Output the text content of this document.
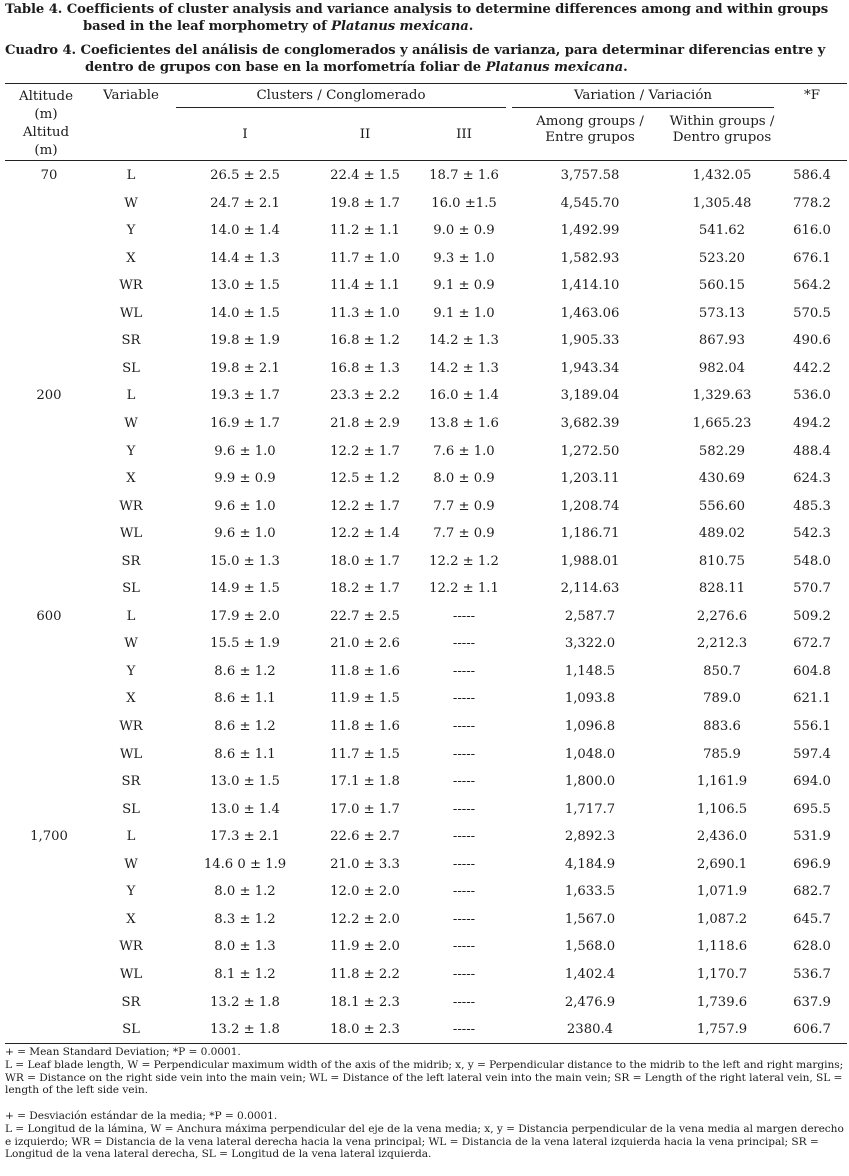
Table 4. Coefficients of cluster analysis and variance analysis to determine differences among and within groups
based in the leaf morphometry of Platanus mexicana.
Cuadro 4. Coeficientes del análisis de conglomerados y análisis de varianza, para determinar diferencias entre y
dentro de grupos con base en la morfometría foliar de Platanus mexicana.
Altitude
(m)
Altitud
(m)
Variable	Clusters / Conglomerado	Variation / Variación	*F
I	II	III
Among groups /
Entre grupos
Within groups /
Dentro grupos
70	L	26.5 ± 2.5	22.4 ± 1.5	18.7 ± 1.6	3,757.58	1,432.05	586.4
W	24.7 ± 2.1	19.8 ± 1.7	16.0 ±1.5	4,545.70	1,305.48	778.2
Y	14.0 ± 1.4	11.2 ± 1.1	9.0 ± 0.9	1,492.99	541.62	616.0
X	14.4 ± 1.3	11.7 ± 1.0	9.3 ± 1.0	1,582.93	523.20	676.1
WR	13.0 ± 1.5	11.4 ± 1.1	9.1 ± 0.9	1,414.10	560.15	564.2
WL	14.0 ± 1.5	11.3 ± 1.0	9.1 ± 1.0	1,463.06	573.13	570.5
SR	19.8 ± 1.9	16.8 ± 1.2	14.2 ± 1.3	1,905.33	867.93	490.6
SL	19.8 ± 2.1	16.8 ± 1.3	14.2 ± 1.3	1,943.34	982.04	442.2
200	L	19.3 ± 1.7	23.3 ± 2.2	16.0 ± 1.4	3,189.04	1,329.63	536.0
W	16.9 ± 1.7	21.8 ± 2.9	13.8 ± 1.6	3,682.39	1,665.23	494.2
Y	9.6 ± 1.0	12.2 ± 1.7	7.6 ± 1.0	1,272.50	582.29	488.4
X	9.9 ± 0.9	12.5 ± 1.2	8.0 ± 0.9	1,203.11	430.69	624.3
WR	9.6 ± 1.0	12.2 ± 1.7	7.7 ± 0.9	1,208.74	556.60	485.3
WL	9.6 ± 1.0	12.2 ± 1.4	7.7 ± 0.9	1,186.71	489.02	542.3
SR	15.0 ± 1.3	18.0 ± 1.7	12.2 ± 1.2	1,988.01	810.75	548.0
SL	14.9 ± 1.5	18.2 ± 1.7	12.2 ± 1.1	2,114.63	828.11	570.7
600	L	17.9 ± 2.0	22.7 ± 2.5	-----	2,587.7	2,276.6	509.2
W	15.5 ± 1.9	21.0 ± 2.6	-----	3,322.0	2,212.3	672.7
Y	8.6 ± 1.2	11.8 ± 1.6	-----	1,148.5	850.7	604.8
X	8.6 ± 1.1	11.9 ± 1.5	-----	1,093.8	789.0	621.1
WR	8.6 ± 1.2	11.8 ± 1.6	-----	1,096.8	883.6	556.1
WL	8.6 ± 1.1	11.7 ± 1.5	-----	1,048.0	785.9	597.4
SR	13.0 ± 1.5	17.1 ± 1.8	-----	1,800.0	1,161.9	694.0
SL	13.0 ± 1.4	17.0 ± 1.7	-----	1,717.7	1,106.5	695.5
1,700	L	17.3 ± 2.1	22.6 ± 2.7	-----	2,892.3	2,436.0	531.9
W	14.6 0 ± 1.9	21.0 ± 3.3	-----	4,184.9	2,690.1	696.9
Y	8.0 ± 1.2	12.0 ± 2.0	-----	1,633.5	1,071.9	682.7
X	8.3 ± 1.2	12.2 ± 2.0	-----	1,567.0	1,087.2	645.7
WR	8.0 ± 1.3	11.9 ± 2.0	-----	1,568.0	1,118.6	628.0
WL	8.1 ± 1.2	11.8 ± 2.2	-----	1,402.4	1,170.7	536.7
SR	13.2 ± 1.8	18.1 ± 2.3	-----	2,476.9	1,739.6	637.9
SL	13.2 ± 1.8	18.0 ± 2.3	-----	2380.4	1,757.9	606.7
+ = Mean Standard Deviation; *P = 0.0001.
L = Leaf blade length, W = Perpendicular maximum width of the axis of the midrib; x, y = Perpendicular distance to the midrib to the left and right margins; WR = Distance on the right side vein into the main vein; WL = Distance of the left lateral vein into the main vein; SR = Length of the right lateral vein, SL = length of the left side vein.
+ = Desviación estándar de la media; *P = 0.0001.
L = Longitud de la lámina, W = Anchura máxima perpendicular del eje de la vena media; x, y = Distancia perpendicular de la vena media al margen derecho e izquierdo; WR = Distancia de la vena lateral derecha hacia la vena principal; WL = Distancia de la vena lateral izquierda hacia la vena principal; SR = Longitud de la vena lateral derecha, SL = Longitud de la vena lateral izquierda.
